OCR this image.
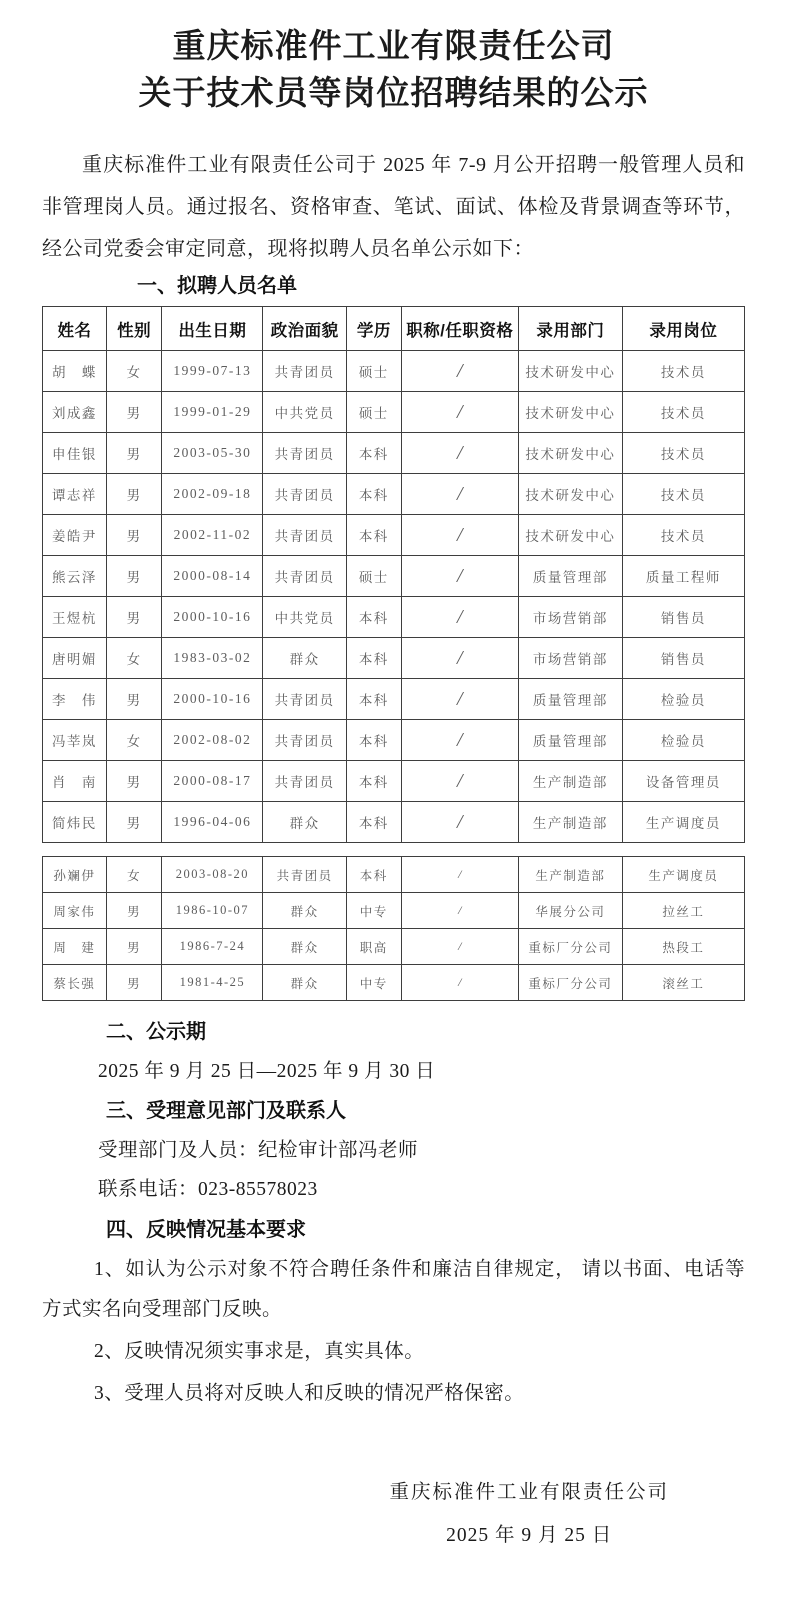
重庆标准件工业有限责任公司
关于技术员等岗位招聘结果的公示

重庆标准件工业有限责任公司于 2025 年 7-9 月公开招聘一般管理人员和非管理岗人员。通过报名、资格审查、笔试、面试、体检及背景调查等环节，经公司党委会审定同意，现将拟聘人员名单公示如下：

一、拟聘人员名单
姓名	性别	出生日期	政治面貌	学历	职称/任职资格	录用部门	录用岗位
胡　蝶	女	1999-07-13	共青团员	硕士	/	技术研发中心	技术员
刘成鑫	男	1999-01-29	中共党员	硕士	/	技术研发中心	技术员
申佳银	男	2003-05-30	共青团员	本科	/	技术研发中心	技术员
谭志祥	男	2002-09-18	共青团员	本科	/	技术研发中心	技术员
姜皓尹	男	2002-11-02	共青团员	本科	/	技术研发中心	技术员
熊云泽	男	2000-08-14	共青团员	硕士	/	质量管理部	质量工程师
王煜杭	男	2000-10-16	中共党员	本科	/	市场营销部	销售员
唐明媚	女	1983-03-02	群众	本科	/	市场营销部	销售员
李　伟	男	2000-10-16	共青团员	本科	/	质量管理部	检验员
冯莘岚	女	2002-08-02	共青团员	本科	/	质量管理部	检验员
肖　南	男	2000-08-17	共青团员	本科	/	生产制造部	设备管理员
简炜民	男	1996-04-06	群众	本科	/	生产制造部	生产调度员
孙斓伊	女	2003-08-20	共青团员	本科	/	生产制造部	生产调度员
周家伟	男	1986-10-07	群众	中专	/	华展分公司	拉丝工
周　建	男	1986-7-24	群众	职高	/	重标厂分公司	热段工
蔡长强	男	1981-4-25	群众	中专	/	重标厂分公司	滚丝工
二、公示期

2025 年 9 月 25 日—2025 年 9 月 30 日

三、受理意见部门及联系人

受理部门及人员：纪检审计部冯老师

联系电话：023-85578023

四、反映情况基本要求

1、如认为公示对象不符合聘任条件和廉洁自律规定， 请以书面、电话等方式实名向受理部门反映。

2、反映情况须实事求是，真实具体。

3、受理人员将对反映人和反映的情况严格保密。

重庆标准件工业有限责任公司
2025 年 9 月 25 日
